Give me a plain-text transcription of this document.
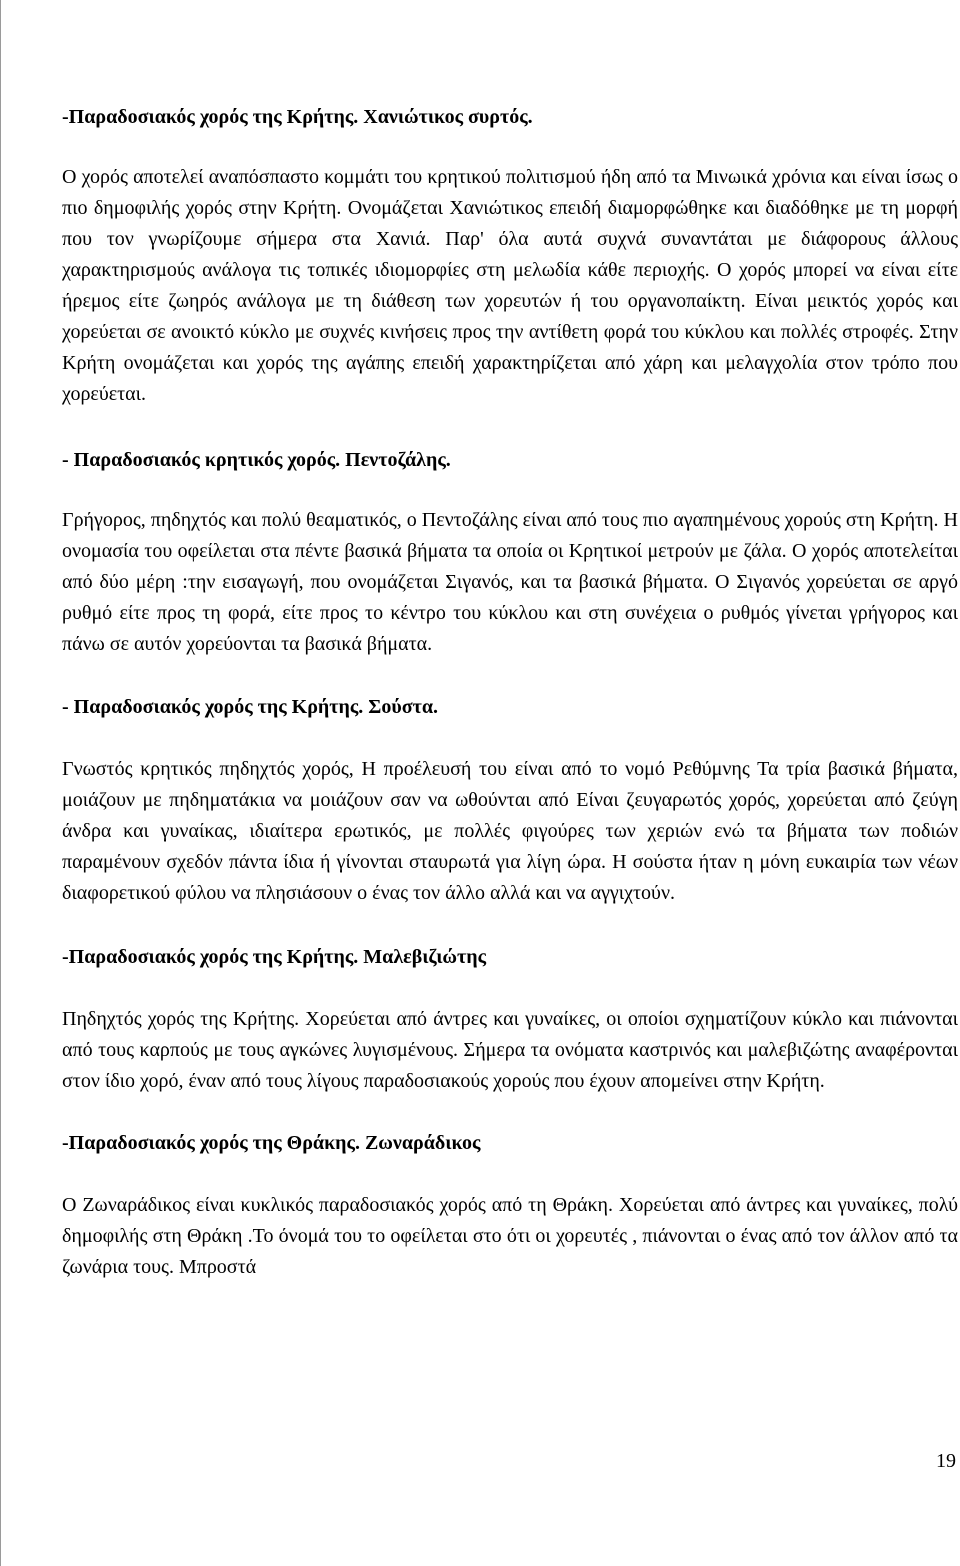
-Παραδοσιακός χορός της Κρήτης. Χανιώτικος συρτός.
Ο χορός αποτελεί αναπόσπαστο κομμάτι του κρητικού πολιτισμού ήδη από τα Μινωικά χρόνια και είναι ίσως ο πιο δημοφιλής χορός στην Κρήτη. Ονομάζεται Χανιώτικος επειδή διαμορφώθηκε και διαδόθηκε με τη μορφή που τον γνωρίζουμε σήμερα στα Χανιά. Παρ' όλα αυτά συχνά συναντάται με διάφορους άλλους χαρακτηρισμούς ανάλογα τις τοπικές ιδιομορφίες στη μελωδία κάθε περιοχής. Ο χορός μπορεί να είναι είτε ήρεμος είτε ζωηρός ανάλογα με τη διάθεση των χορευτών ή του οργανοπαίκτη. Είναι μεικτός χορός και χορεύεται σε ανοικτό κύκλο με συχνές κινήσεις προς την αντίθετη φορά του κύκλου και πολλές στροφές. Στην Κρήτη ονομάζεται και χορός της αγάπης επειδή χαρακτηρίζεται από χάρη και μελαγχολία στον τρόπο που χορεύεται.
- Παραδοσιακός κρητικός χορός. Πεντοζάλης.
Γρήγορος, πηδηχτός και πολύ θεαματικός, ο Πεντοζάλης είναι από τους πιο αγαπημένους χορούς στη Κρήτη. Η ονομασία του οφείλεται στα πέντε βασικά βήματα τα οποία οι Κρητικοί μετρούν με ζάλα. Ο χορός αποτελείται από δύο μέρη :την εισαγωγή, που ονομάζεται Σιγανός, και τα βασικά βήματα. Ο Σιγανός χορεύεται σε αργό ρυθμό είτε προς τη φορά, είτε προς το κέντρο του κύκλου και στη συνέχεια ο ρυθμός γίνεται γρήγορος και πάνω σε αυτόν χορεύονται τα βασικά βήματα.
- Παραδοσιακός χορός της Κρήτης. Σούστα.
Γνωστός κρητικός πηδηχτός χορός, Η προέλευσή του είναι από το νομό Ρεθύμνης Τα τρία βασικά βήματα, μοιάζουν με πηδηματάκια να μοιάζουν σαν να ωθούνται από Είναι ζευγαρωτός χορός, χορεύεται από ζεύγη άνδρα και γυναίκας, ιδιαίτερα ερωτικός, με πολλές φιγούρες των χεριών ενώ τα βήματα των ποδιών παραμένουν σχεδόν πάντα ίδια ή γίνονται σταυρωτά για λίγη ώρα. Η σούστα ήταν η μόνη ευκαιρία των νέων διαφορετικού φύλου να πλησιάσουν ο ένας τον άλλο αλλά και να αγγιχτούν.
-Παραδοσιακός χορός της Κρήτης. Μαλεβιζιώτης
Πηδηχτός χορός της Κρήτης. Χορεύεται από άντρες και γυναίκες, οι οποίοι σχηματίζουν κύκλο και πιάνονται από τους καρπούς με τους αγκώνες λυγισμένους. Σήμερα τα ονόματα καστρινός και μαλεβιζώτης αναφέρονται στον ίδιο χορό, έναν από τους λίγους παραδοσιακούς χορούς που έχουν απομείνει στην Κρήτη.
-Παραδοσιακός χορός της Θράκης. Ζωναράδικος
Ο Ζωναράδικος είναι κυκλικός παραδοσιακός χορός από τη Θράκη. Χορεύεται από άντρες και γυναίκες, πολύ δημοφιλής στη Θράκη .Το όνομά του το οφείλεται στο ότι οι χορευτές , πιάνονται ο ένας από τον άλλον από τα ζωνάρια τους. Μπροστά
19
